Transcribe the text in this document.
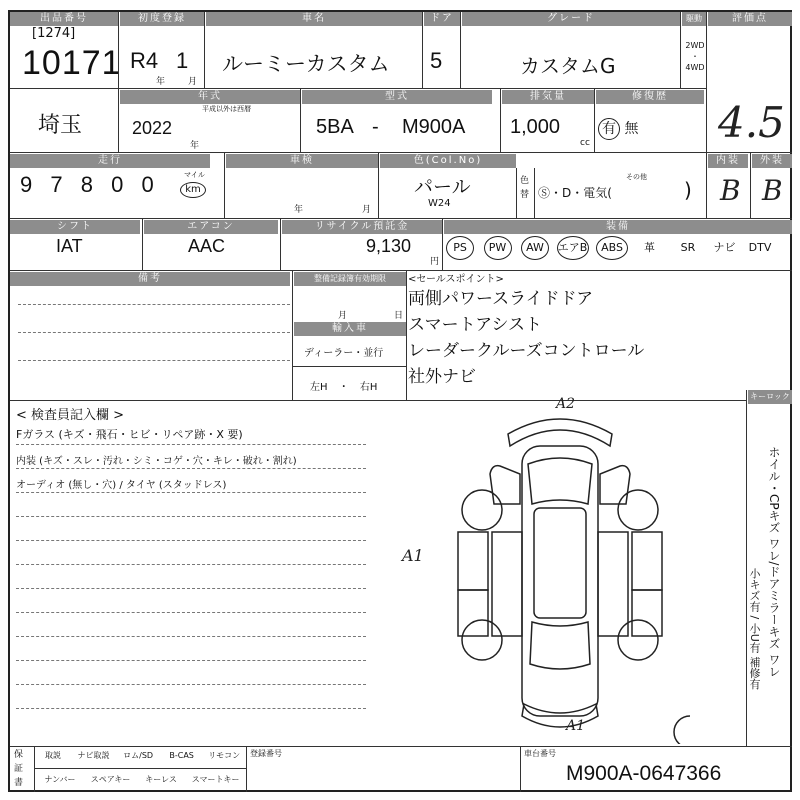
出品番号
[1274]
10171
初度登録
R4 1
年	月
車名
ルーミーカスタム
ドア
5
グレード
カスタムG
駆動
2WD
・
4WD
評価点
4.5
埼玉
年式
平成以外は西暦
2022
年
型式
5BA - M900A
排気量
1,000
cc
修復歴
有 無
走行
9 7 8 0 0	マイル
km
車検
年	月
色(Col.No)
パール
W24
色
替 Ⓢ・D・電気(
その他
)
内装
B
外装
B
シフト
IAT
エアコン
AAC
リサイクル預託金
9,130
円
装備
PS PW AW エアB ABS 革 SR ナビ DTV
備考	整備記録簿有効期限
月	日
輸入車
ディーラー・並行
左H ・ 右H
<セールスポイント>
両側パワースライドドア
スマートアシスト
レーダークルーズコントロール
社外ナビ
< 検査員記入欄 >
Fガラス (キズ・飛石・ヒビ・リペア跡・X 要)
内装 (キズ・スレ・汚れ・シミ・コゲ・穴・キレ・破れ・割れ)
オーディオ (無し・穴) / タイヤ (スタッドレス)
A2
A1
A1
キーロック
ホイル・CPキズ ワレ/ドアミラーキズ ワレ
小キズ有 / 小U有 補修有
保
証
書
取説 ナビ取説 ロム/SD B-CAS リモコン
ナンバー スペアキー キーレス スマートキー
登録番号	車台番号
M900A-0647366
